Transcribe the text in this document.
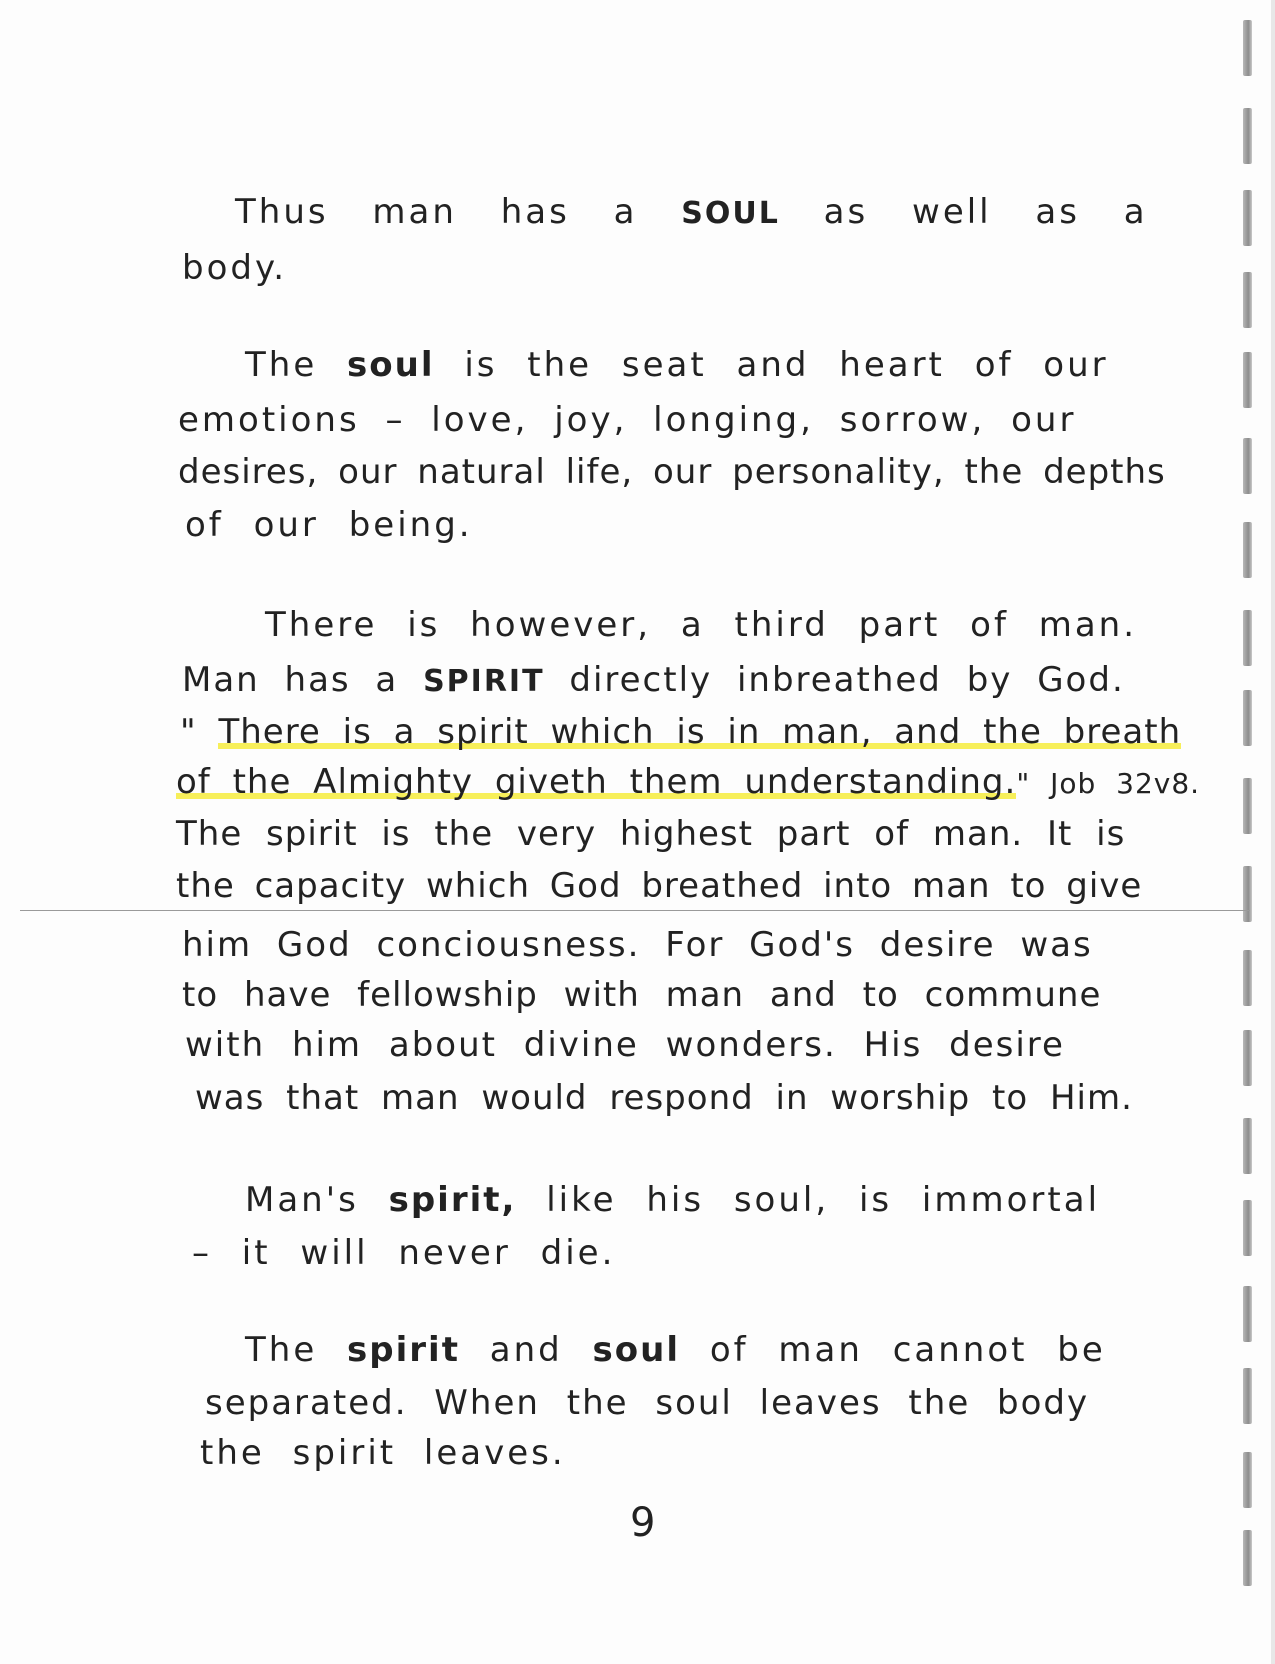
Thus man has a SOUL as well as a
body.
The soul is the seat and heart of our
emotions – love, joy, longing, sorrow, our
desires, our natural life, our personality, the depths
of our being.
There is however, a third part of man.
Man has a SPIRIT directly inbreathed by God.
" There is a spirit which is in man, and the breath
of the Almighty giveth them understanding." Job 32v8.
The spirit is the very highest part of man. It is
the capacity which God breathed into man to give
him God conciousness. For God's desire was
to have fellowship with man and to commune
with him about divine wonders. His desire
was that man would respond in worship to Him.
Man's spirit, like his soul, is immortal
– it will never die.
The spirit and soul of man cannot be
separated. When the soul leaves the body
the spirit leaves.
9
